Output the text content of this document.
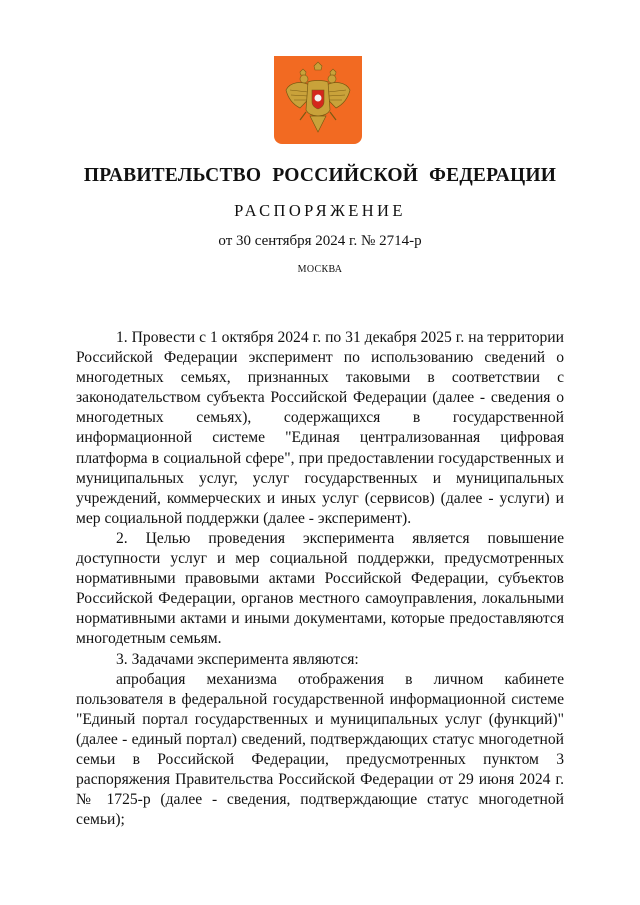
ПРАВИТЕЛЬСТВО РОССИЙСКОЙ ФЕДЕРАЦИИ
РАСПОРЯЖЕНИЕ
от 30 сентября 2024 г. № 2714-р
МОСКВА

1. Провести с 1 октября 2024 г. по 31 декабря 2025 г. на территории Российской Федерации эксперимент по использованию сведений о многодетных семьях, признанных таковыми в соответствии с законодательством субъекта Российской Федерации (далее - сведения о многодетных семьях), содержащихся в государственной информационной системе "Единая централизованная цифровая платформа в социальной сфере", при предоставлении государственных и муниципальных услуг, услуг государственных и муниципальных учреждений, коммерческих и иных услуг (сервисов) (далее - услуги) и мер социальной поддержки (далее - эксперимент).

2. Целью проведения эксперимента является повышение доступности услуг и мер социальной поддержки, предусмотренных нормативными правовыми актами Российской Федерации, субъектов Российской Федерации, органов местного самоуправления, локальными нормативными актами и иными документами, которые предоставляются многодетным семьям.

3. Задачами эксперимента являются:

апробация механизма отображения в личном кабинете пользователя в федеральной государственной информационной системе "Единый портал государственных и муниципальных услуг (функций)" (далее - единый портал) сведений, подтверждающих статус многодетной семьи в Российской Федерации, предусмотренных пунктом 3 распоряжения Правительства Российской Федерации от 29 июня 2024 г. № 1725-р (далее - сведения, подтверждающие статус многодетной семьи);
